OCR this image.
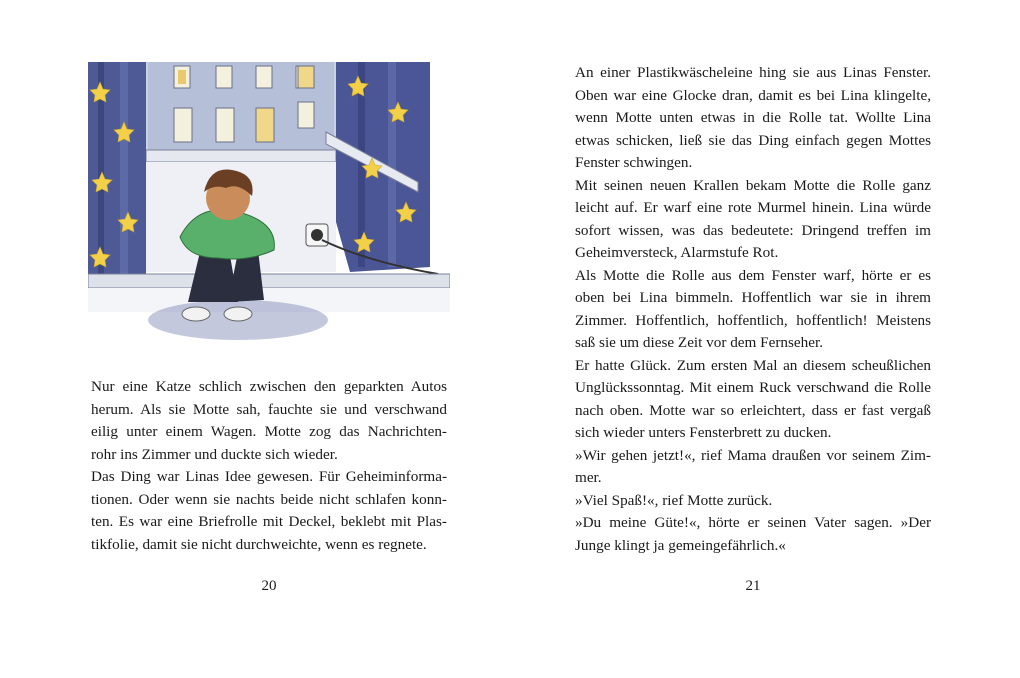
Nur eine Katze schlich zwischen den geparkten Autos
herum. Als sie Motte sah, fauchte sie und verschwand
eilig unter einem Wagen. Motte zog das Nachrichten-
rohr ins Zimmer und duckte sich wieder.
Das Ding war Linas Idee gewesen. Für Geheiminforma-
tionen. Oder wenn sie nachts beide nicht schlafen konn-
ten. Es war eine Briefrolle mit Deckel, beklebt mit Plas-
tikfolie, damit sie nicht durchweichte, wenn es regnete.
20
An einer Plastikwäscheleine hing sie aus Linas Fenster.
Oben war eine Glocke dran, damit es bei Lina klingelte,
wenn Motte unten etwas in die Rolle tat. Wollte Lina
etwas schicken, ließ sie das Ding einfach gegen Mottes
Fenster schwingen.
Mit seinen neuen Krallen bekam Motte die Rolle ganz
leicht auf. Er warf eine rote Murmel hinein. Lina würde
sofort wissen, was das bedeutete: Dringend treffen im
Geheimversteck, Alarmstufe Rot.
Als Motte die Rolle aus dem Fenster warf, hörte er es
oben bei Lina bimmeln. Hoffentlich war sie in ihrem
Zimmer. Hoffentlich, hoffentlich, hoffentlich! Meistens
saß sie um diese Zeit vor dem Fernseher.
Er hatte Glück. Zum ersten Mal an diesem scheußlichen
Unglückssonntag. Mit einem Ruck verschwand die Rolle
nach oben. Motte war so erleichtert, dass er fast vergaß
sich wieder unters Fensterbrett zu ducken.
»Wir gehen jetzt!«, rief Mama draußen vor seinem Zim-
mer.
»Viel Spaß!«, rief Motte zurück.
»Du meine Güte!«, hörte er seinen Vater sagen. »Der
Junge klingt ja gemeingefährlich.«
21
